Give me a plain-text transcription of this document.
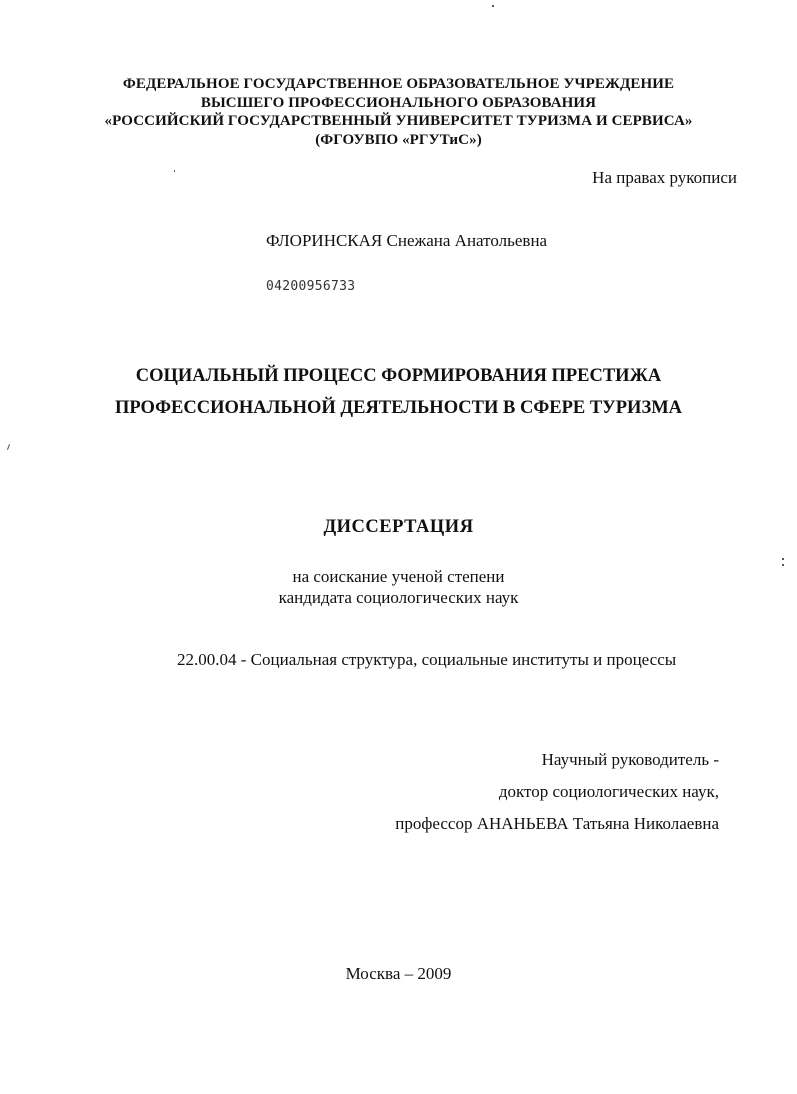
ФЕДЕРАЛЬНОЕ ГОСУДАРСТВЕННОЕ ОБРАЗОВАТЕЛЬНОЕ УЧРЕЖДЕНИЕ
ВЫСШЕГО ПРОФЕССИОНАЛЬНОГО ОБРАЗОВАНИЯ
«РОССИЙСКИЙ ГОСУДАРСТВЕННЫЙ УНИВЕРСИТЕТ ТУРИЗМА И СЕРВИСА»
(ФГОУВПО «РГУТиС»)
На правах рукописи
ФЛОРИНСКАЯ Снежана Анатольевна
04200956733
СОЦИАЛЬНЫЙ ПРОЦЕСС ФОРМИРОВАНИЯ ПРЕСТИЖА
ПРОФЕССИОНАЛЬНОЙ ДЕЯТЕЛЬНОСТИ В СФЕРЕ ТУРИЗМА
ДИССЕРТАЦИЯ
на соискание ученой степени
кандидата социологических наук
22.00.04 - Социальная структура, социальные институты и процессы
Научный руководитель -
доктор социологических наук,
профессор АНАНЬЕВА Татьяна Николаевна
Москва – 2009
